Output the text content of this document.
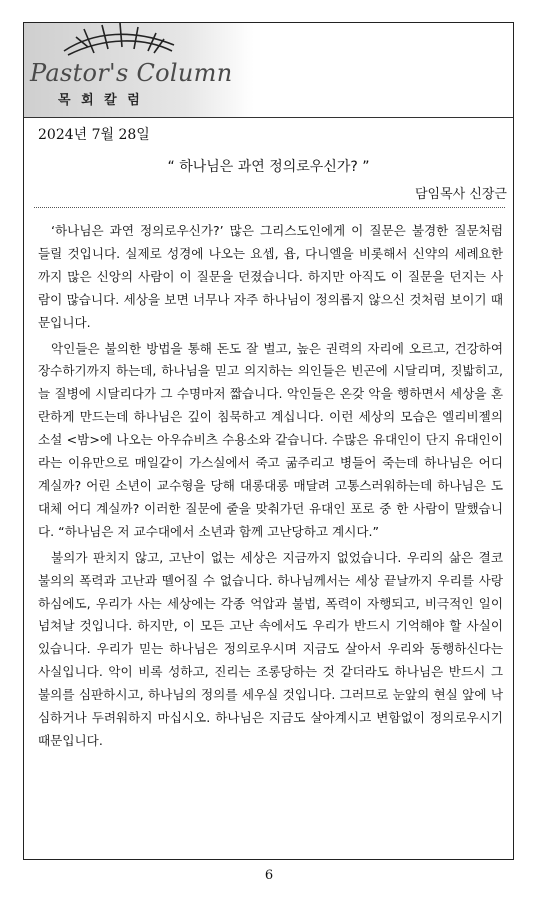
Pastor's Column
목 회 칼 럼
2024년 7월 28일
“ 하나님은 과연 정의로우신가? ”
담임목사 신장근

‘하나님은 과연 정의로우신가?’ 많은 그리스도인에게 이 질문은 불경한 질문처럼 들릴 것입니다. 실제로 성경에 나오는 요셉, 욥, 다니엘을 비롯해서 신약의 세례요한까지 많은 신앙의 사람이 이 질문을 던졌습니다. 하지만 아직도 이 질문을 던지는 사람이 많습니다. 세상을 보면 너무나 자주 하나님이 정의롭지 않으신 것처럼 보이기 때문입니다.

악인들은 불의한 방법을 통해 돈도 잘 벌고, 높은 권력의 자리에 오르고, 건강하여 장수하기까지 하는데, 하나님을 믿고 의지하는 의인들은 빈곤에 시달리며, 짓밟히고, 늘 질병에 시달리다가 그 수명마저 짧습니다. 악인들은 온갖 악을 행하면서 세상을 혼란하게 만드는데 하나님은 깊이 침묵하고 계십니다. 이런 세상의 모습은 엘리비젤의 소설 <밤>에 나오는 아우슈비츠 수용소와 같습니다. 수많은 유대인이 단지 유대인이라는 이유만으로 매일같이 가스실에서 죽고 굶주리고 병들어 죽는데 하나님은 어디 계실까? 어린 소년이 교수형을 당해 대롱대롱 매달려 고통스러워하는데 하나님은 도대체 어디 계실까? 이러한 질문에 줄을 맞춰가던 유대인 포로 중 한 사람이 말했습니다. “하나님은 저 교수대에서 소년과 함께 고난당하고 계시다.”

불의가 판치지 않고, 고난이 없는 세상은 지금까지 없었습니다. 우리의 삶은 결코 불의의 폭력과 고난과 뗄어질 수 없습니다. 하나님께서는 세상 끝날까지 우리를 사랑하심에도, 우리가 사는 세상에는 각종 억압과 불법, 폭력이 자행되고, 비극적인 일이 넘쳐날 것입니다. 하지만, 이 모든 고난 속에서도 우리가 반드시 기억해야 할 사실이 있습니다. 우리가 믿는 하나님은 정의로우시며 지금도 살아서 우리와 동행하신다는 사실입니다. 악이 비록 성하고, 진리는 조롱당하는 것 같더라도 하나님은 반드시 그 불의를 심판하시고, 하나님의 정의를 세우실 것입니다. 그러므로 눈앞의 현실 앞에 낙심하거나 두려워하지 마십시오. 하나님은 지금도 살아계시고 변함없이 정의로우시기 때문입니다.

6
